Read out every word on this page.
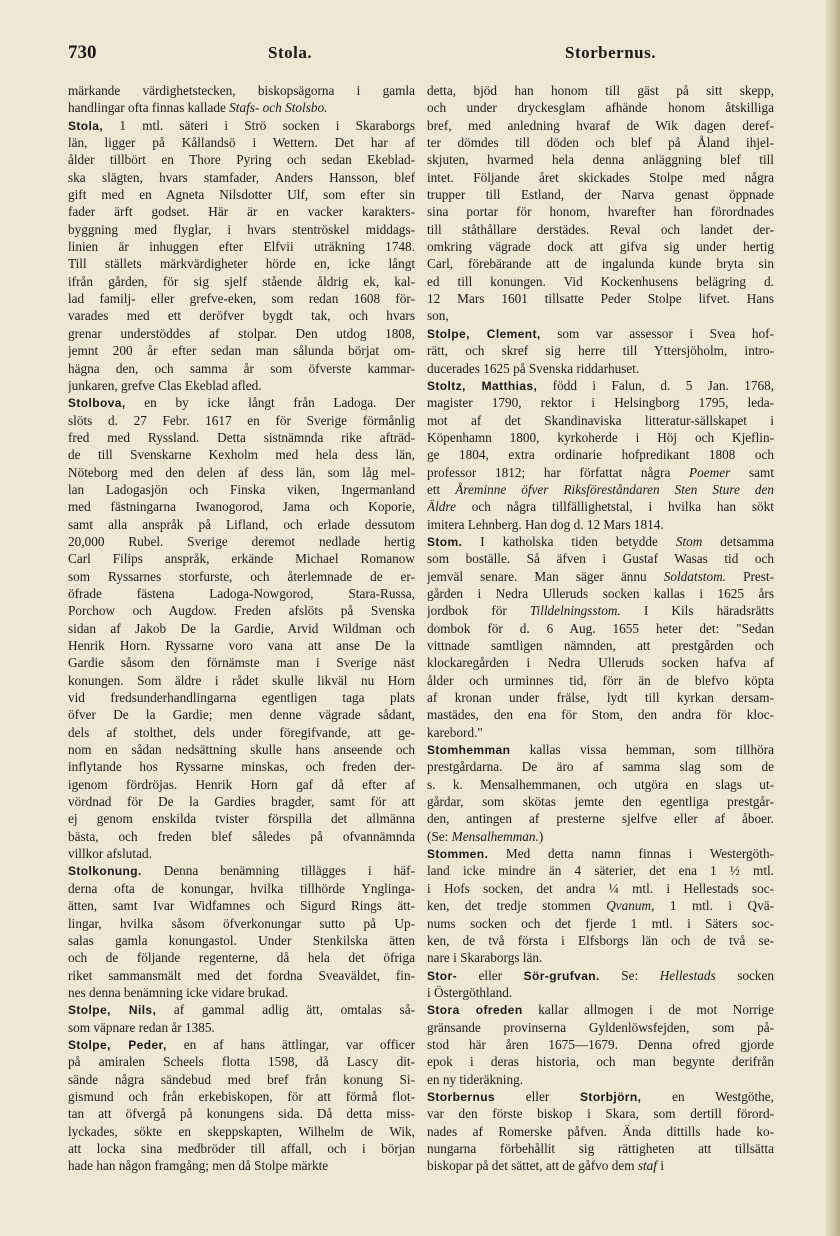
730	Stola.	Storbernus.
märkande värdighetstecken, biskopsägorna i gamla
handlingar ofta finnas kallade Stafs- och Stolsbo.
Stola, 1 mtl. säteri i Strö socken i Skaraborgs
län, ligger på Kållandsö i Wettern. Det har af
ålder tillbört en Thore Pyring och sedan Ekeblad-
ska slägten, hvars stamfader, Anders Hansson, blef
gift med en Agneta Nilsdotter Ulf, som efter sin
fader ärft godset. Här är en vacker karakters-
byggning med flyglar, i hvars stentröskel middags-
linien är inhuggen efter Elfvii uträkning 1748.
Till ställets märkvärdigheter hörde en, icke långt
ifrån gården, för sig sjelf stående åldrig ek, kal-
lad familj- eller grefve-eken, som redan 1608 för-
varades med ett deröfver bygdt tak, och hvars
grenar understöddes af stolpar. Den utdog 1808,
jemnt 200 år efter sedan man sålunda börjat om-
hägna den, och samma år som öfverste kammar-
junkaren, grefve Clas Ekeblad afled.
Stolbova, en by icke långt från Ladoga. Der
slöts d. 27 Febr. 1617 en för Sverige förmånlig
fred med Ryssland. Detta sistnämnda rike afträd-
de till Svenskarne Kexholm med hela dess län,
Nöteborg med den delen af dess län, som låg mel-
lan Ladogasjön och Finska viken, Ingermanland
med fästningarna Iwanogorod, Jama och Koporie,
samt alla anspråk på Lifland, och erlade dessutom
20,000 Rubel. Sverige deremot nedlade hertig
Carl Filips anspråk, erkände Michael Romanow
som Ryssarnes storfurste, och återlemnade de er-
öfrade fästena Ladoga-Nowgorod, Stara-Russa,
Porchow och Augdow. Freden afslöts på Svenska
sidan af Jakob De la Gardie, Arvid Wildman och
Henrik Horn. Ryssarne voro vana att anse De la
Gardie såsom den förnämste man i Sverige näst
konungen. Som äldre i rådet skulle likväl nu Horn
vid fredsunderhandlingarna egentligen taga plats
öfver De la Gardie; men denne vägrade sådant,
dels af stolthet, dels under föregifvande, att ge-
nom en sådan nedsättning skulle hans anseende och
inflytande hos Ryssarne minskas, och freden der-
igenom fördröjas. Henrik Horn gaf då efter af
vördnad för De la Gardies bragder, samt för att
ej genom enskilda tvister förspilla det allmänna
bästa, och freden blef således på ofvannämnda
villkor afslutad.
Stolkonung. Denna benämning tillägges i häf-
derna ofta de konungar, hvilka tillhörde Ynglinga-
ätten, samt Ivar Widfamnes och Sigurd Rings ätt-
lingar, hvilka såsom öfverkonungar sutto på Up-
salas gamla konungastol. Under Stenkilska ätten
och de följande regenterne, då hela det öfriga
riket sammansmält med det fordna Sveaväldet, fin-
nes denna benämning icke vidare brukad.
Stolpe, Nils, af gammal adlig ätt, omtalas så-
som väpnare redan år 1385.
Stolpe, Peder, en af hans ättlingar, var officer
på amiralen Scheels flotta 1598, då Lascy dit-
sände några sändebud med bref från konung Si-
gismund och från erkebiskopen, för att förmå flot-
tan att öfvergå på konungens sida. Då detta miss-
lyckades, sökte en skeppskapten, Wilhelm de Wik,
att locka sina medbröder till affall, och i början
hade han någon framgång; men då Stolpe märkte
detta, bjöd han honom till gäst på sitt skepp,
och under dryckesglam afhände honom åtskilliga
bref, med anledning hvaraf de Wik dagen deref-
ter dömdes till döden och blef på Åland ihjel-
skjuten, hvarmed hela denna anläggning blef till
intet. Följande året skickades Stolpe med några
trupper till Estland, der Narva genast öppnade
sina portar för honom, hvarefter han förordnades
till ståthållare derstädes. Reval och landet der-
omkring vägrade dock att gifva sig under hertig
Carl, förebärande att de ingalunda kunde bryta sin
ed till konungen. Vid Kockenhusens belägring d.
12 Mars 1601 tillsatte Peder Stolpe lifvet. Hans
son,
Stolpe, Clement, som var assessor i Svea hof-
rätt, och skref sig herre till Yttersjöholm, intro-
ducerades 1625 på Svenska riddarhuset.
Stoltz, Matthias, född i Falun, d. 5 Jan. 1768,
magister 1790, rektor i Helsingborg 1795, leda-
mot af det Skandinaviska litteratur-sällskapet i
Köpenhamn 1800, kyrkoherde i Höj och Kjeflin-
ge 1804, extra ordinarie hofpredikant 1808 och
professor 1812; har författat några Poemer samt
ett Åreminne öfver Riksföreståndaren Sten Sture den
Äldre och några tillfällighetstal, i hvilka han sökt
imitera Lehnberg. Han dog d. 12 Mars 1814.
Stom. I katholska tiden betydde Stom detsamma
som boställe. Så äfven i Gustaf Wasas tid och
jemväl senare. Man säger ännu Soldatstom. Prest-
gården i Nedra Ulleruds socken kallas i 1625 års
jordbok för Tilldelningsstom. I Kils häradsrätts
dombok för d. 6 Aug. 1655 heter det: "Sedan
vittnade samtligen nämnden, att prestgården och
klockaregården i Nedra Ulleruds socken hafva af
ålder och urminnes tid, förr än de blefvo köpta
af kronan under frälse, lydt till kyrkan dersam-
mastädes, den ena för Stom, den andra för kloc-
karebord."
Stomhemman kallas vissa hemman, som tillhöra
prestgårdarna. De äro af samma slag som de
s. k. Mensalhemmanen, och utgöra en slags ut-
gårdar, som skötas jemte den egentliga prestgår-
den, antingen af presterne sjelfve eller af åboer.
(Se: Mensalhemman.)
Stommen. Med detta namn finnas i Westergöth-
land icke mindre än 4 säterier, det ena 1 ½ mtl.
i Hofs socken, det andra ¼ mtl. i Hellestads soc-
ken, det tredje stommen Qvanum, 1 mtl. i Qvä-
nums socken och det fjerde 1 mtl. i Säters soc-
ken, de två första i Elfsborgs län och de två se-
nare i Skaraborgs län.
Stor- eller Sör-grufvan. Se: Hellestads socken
i Östergöthland.
Stora ofreden kallar allmogen i de mot Norrige
gränsande provinserna Gyldenlöwsfejden, som på-
stod här åren 1675—1679. Denna ofred gjorde
epok i deras historia, och man begynte derifrån
en ny tideräkning.
Storbernus eller Storbjörn, en Westgöthe,
var den förste biskop i Skara, som dertill förord-
nades af Romerske påfven. Ända dittills hade ko-
nungarna förbehållit sig rättigheten att tillsätta
biskopar på det sättet, att de gåfvo dem staf i
